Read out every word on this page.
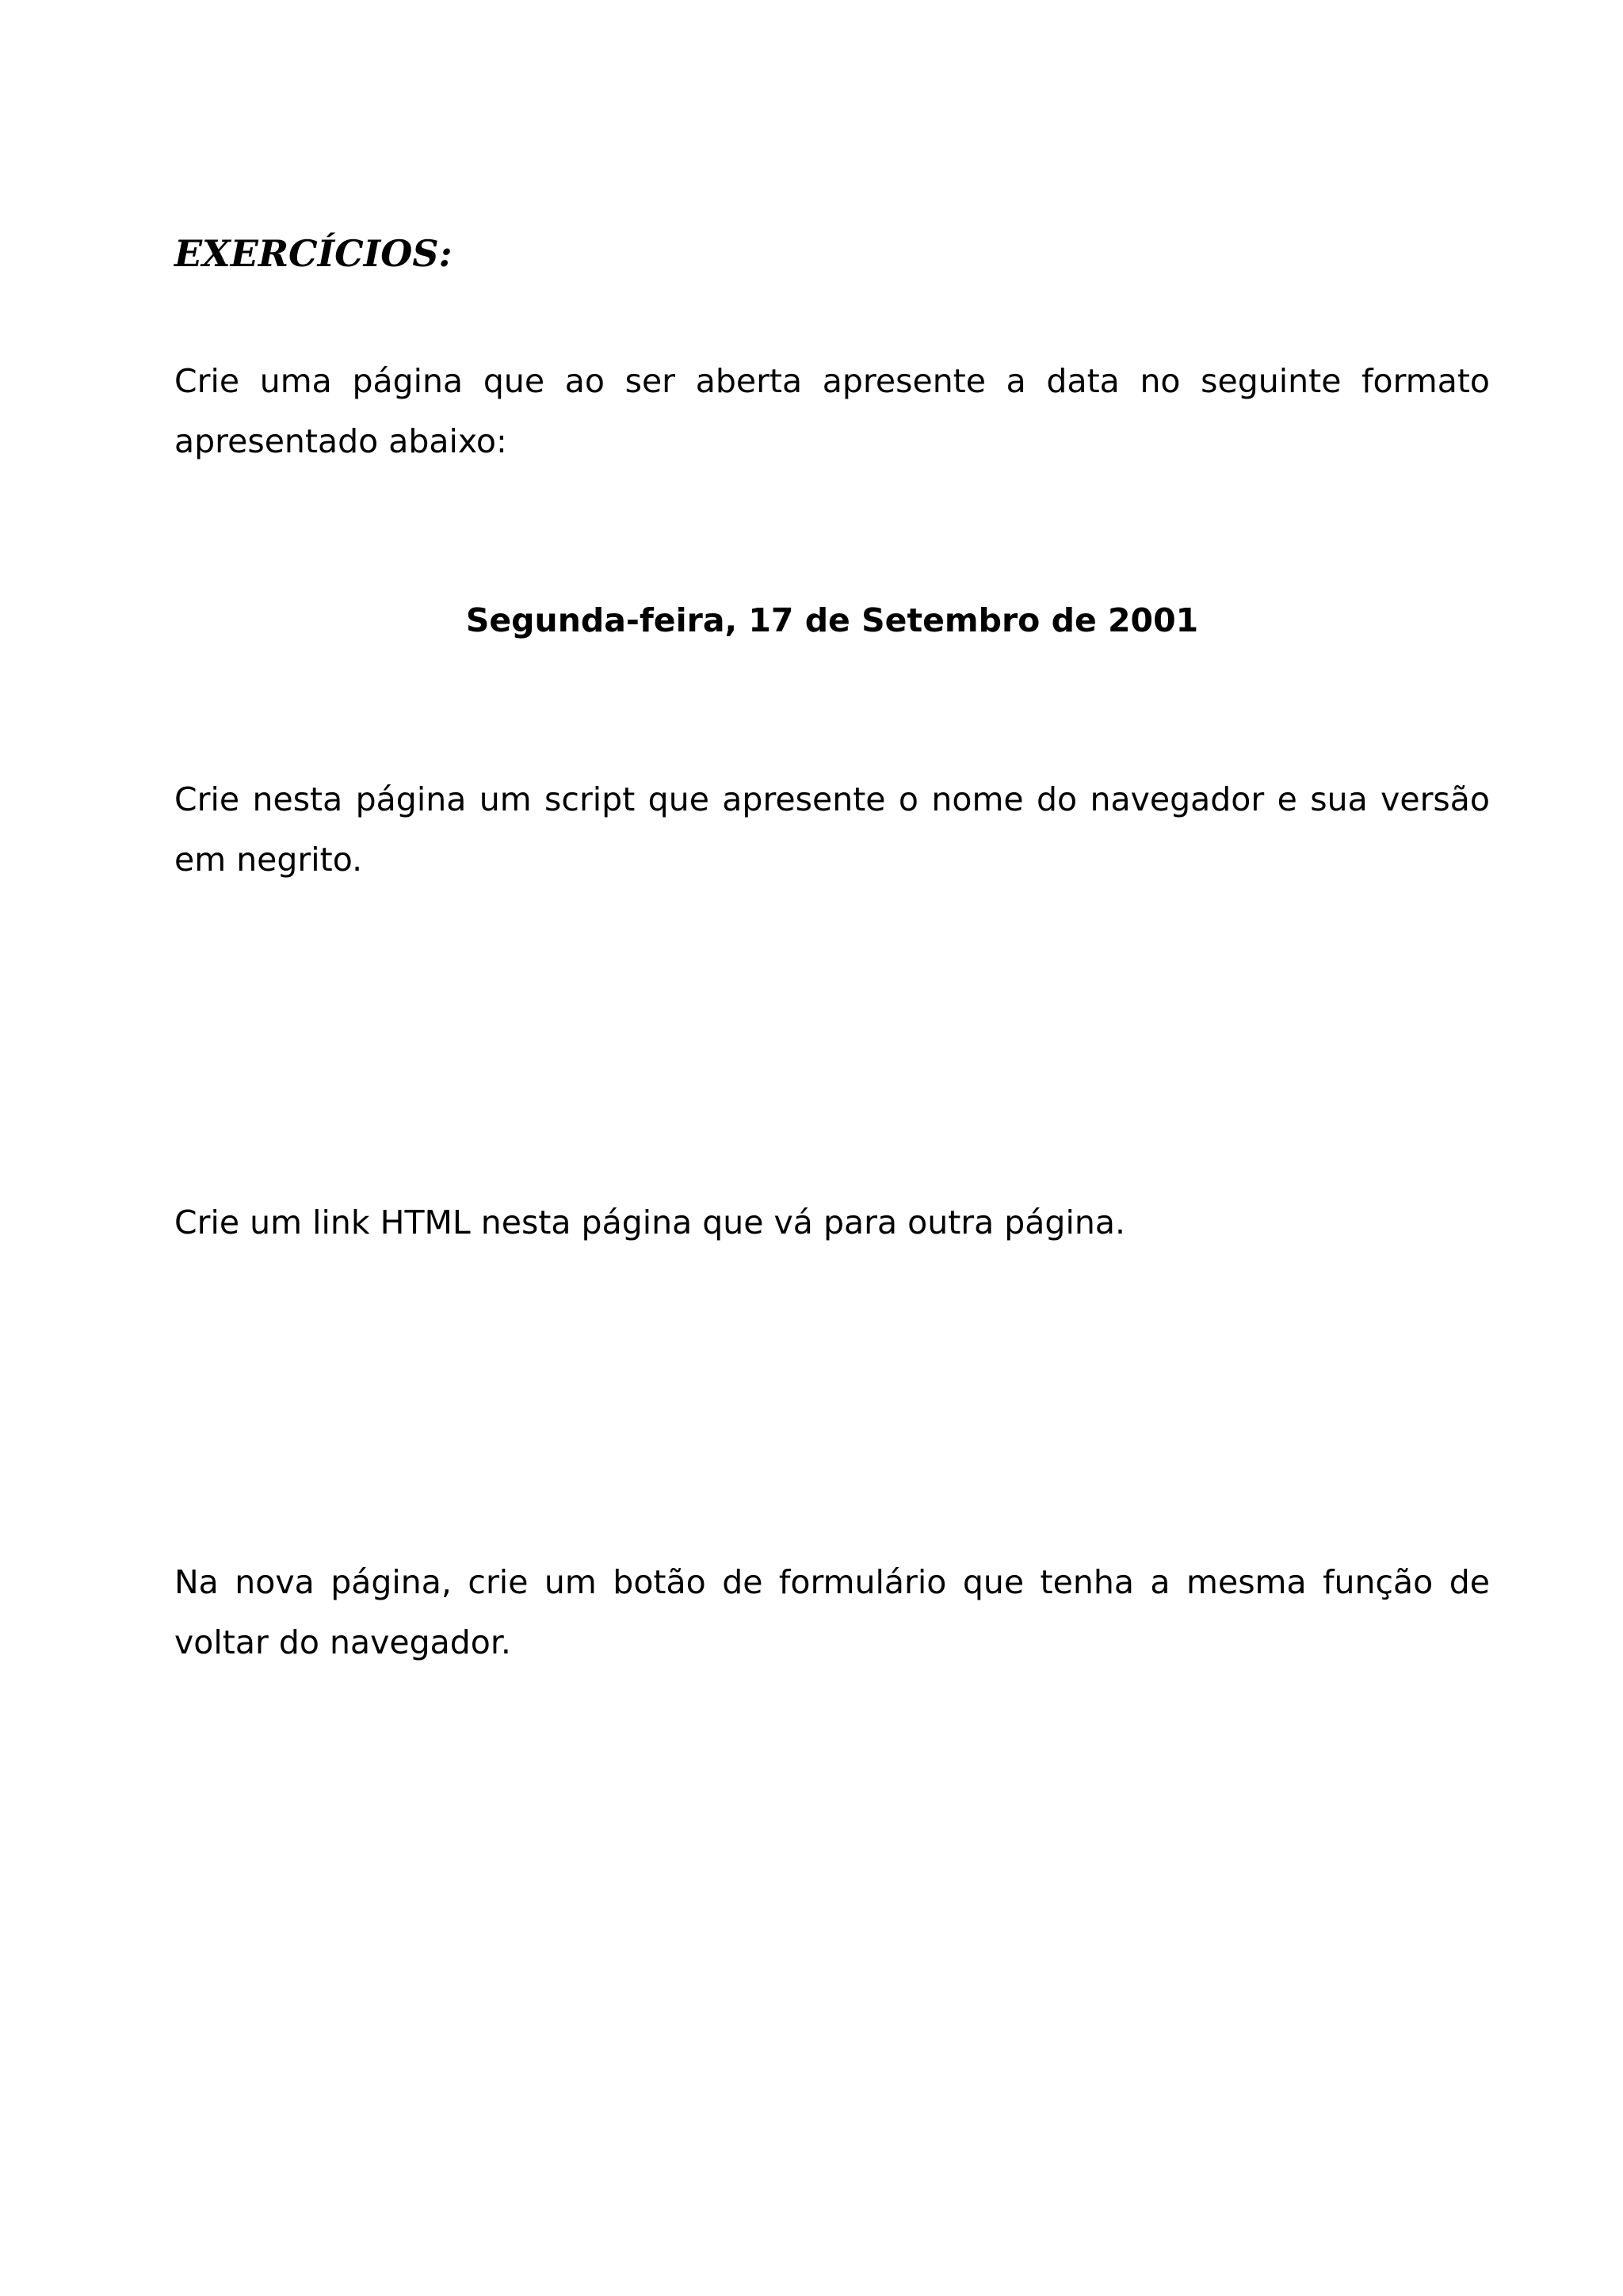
EXERCÍCIOS:

Crie uma página que ao ser aberta apresente a data no seguinte formato apresentado abaixo:

Segunda-feira, 17 de Setembro de 2001

Crie nesta página um script que apresente o nome do navegador e sua versão em negrito.

Crie um link HTML nesta página que vá para outra página.

Na nova página, crie um botão de formulário que tenha a mesma função de voltar do navegador.
